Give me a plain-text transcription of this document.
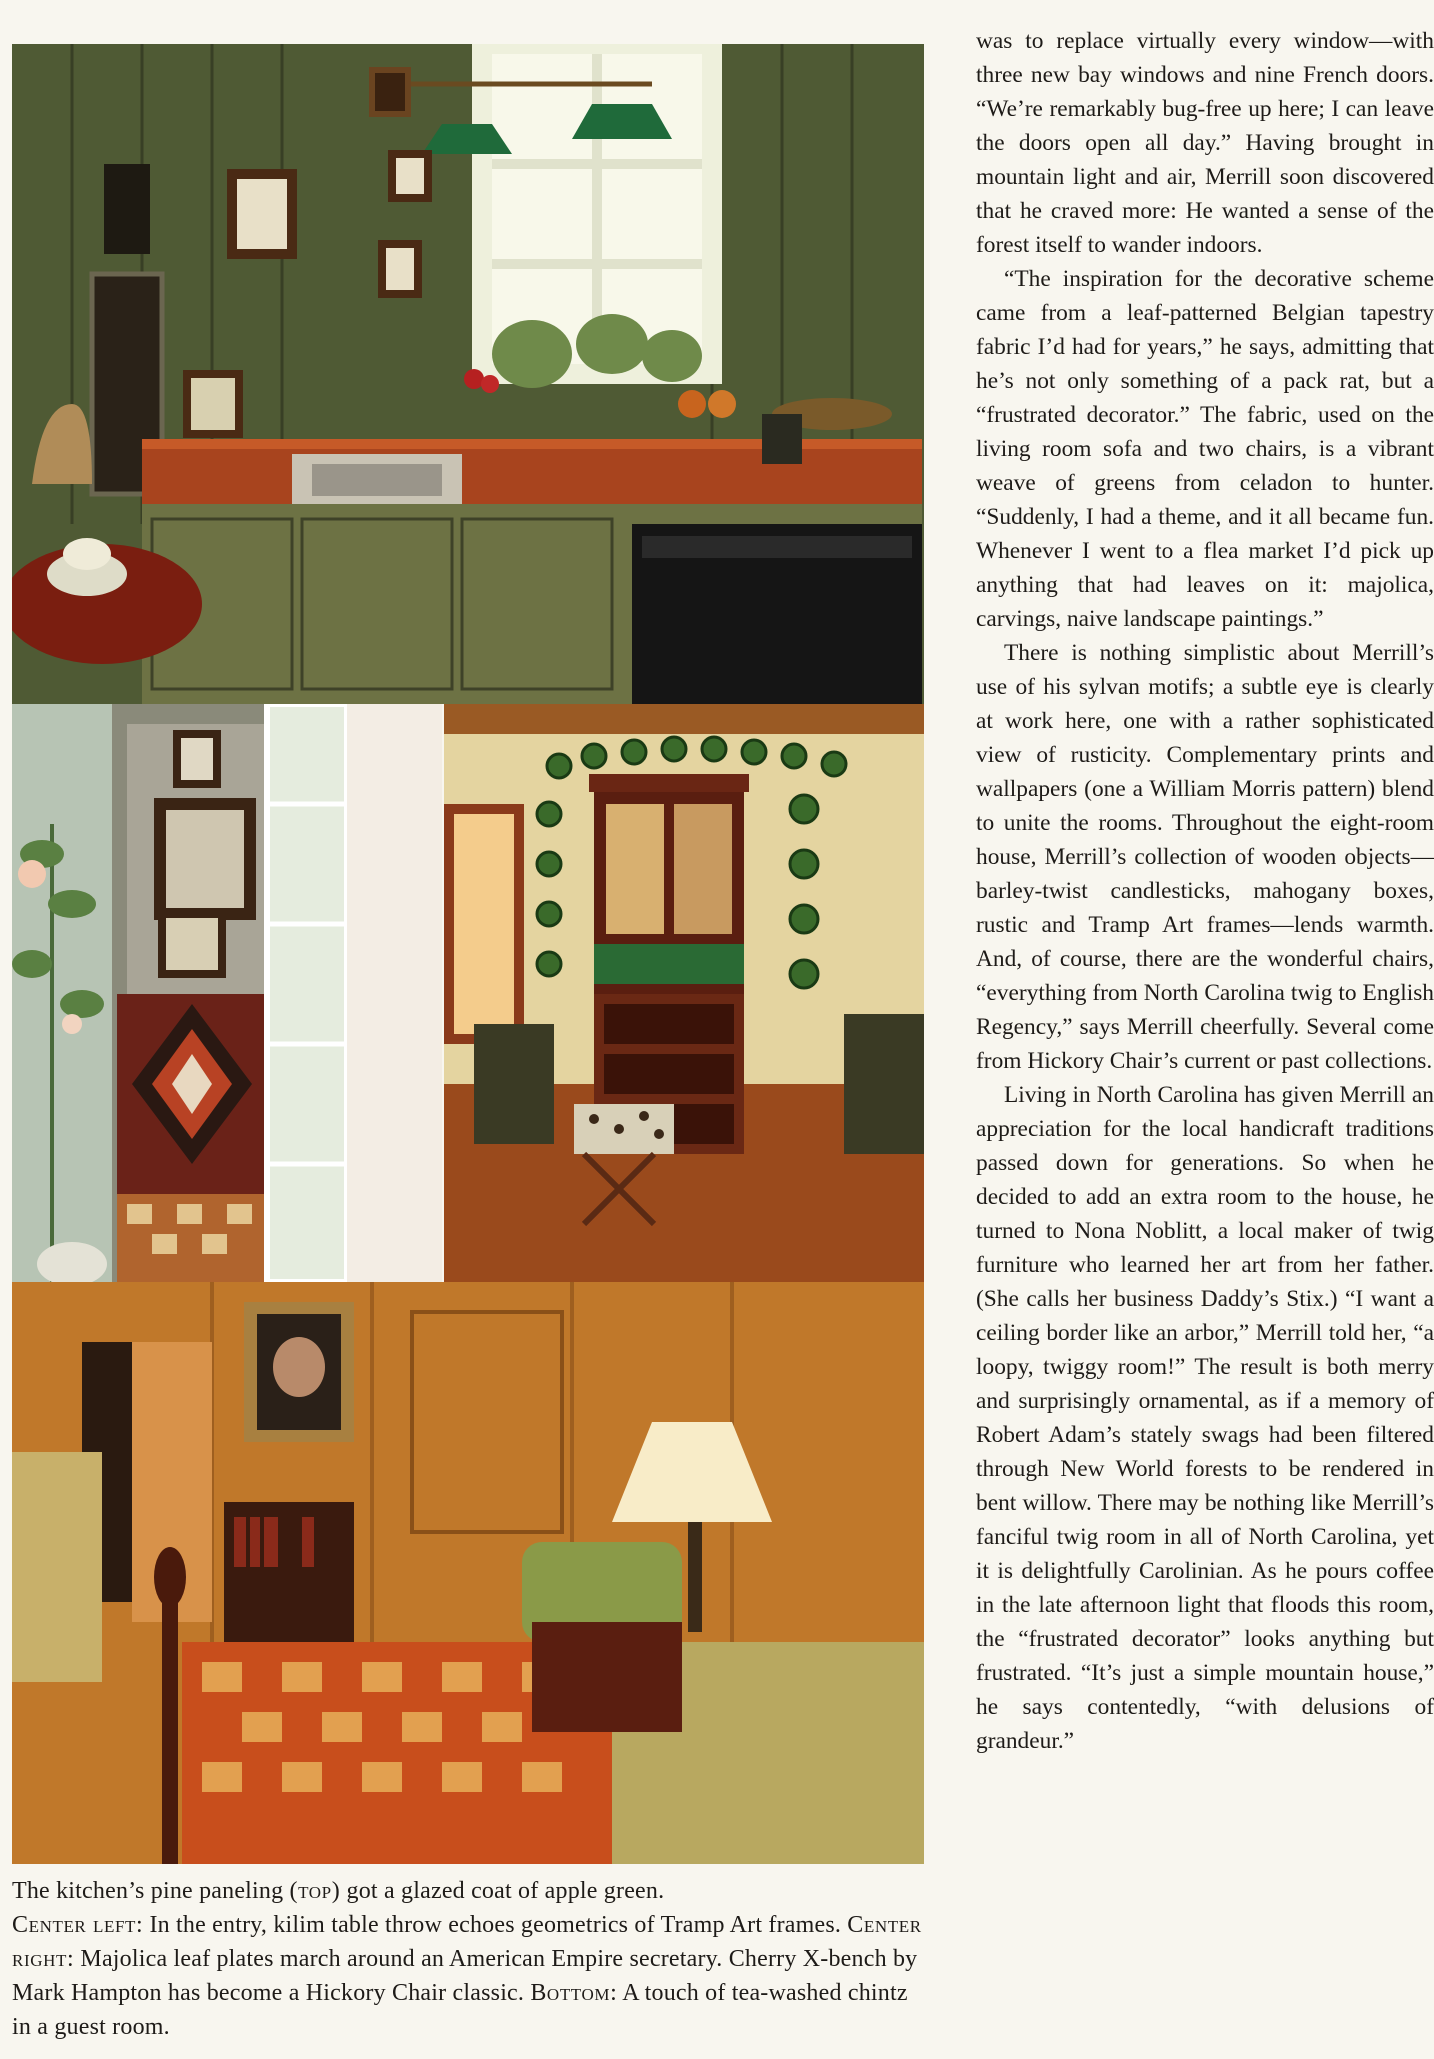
The kitchen’s pine paneling (top) got a glazed coat of apple green.

Center left: In the entry, kilim table throw echoes geometrics of Tramp Art frames. Center right: Majolica leaf plates march around an American Empire secretary. Cherry X-bench by Mark Hampton has become a Hickory Chair classic. Bottom: A touch of tea-washed chintz in a guest room.

was to replace virtually every window—with three new bay windows and nine French doors. “We’re remarkably bug-free up here; I can leave the doors open all day.” Having brought in mountain light and air, Merrill soon discovered that he craved more: He wanted a sense of the forest itself to wander indoors.

“The inspiration for the decorative scheme came from a leaf-patterned Belgian tapestry fabric I’d had for years,” he says, admitting that he’s not only something of a pack rat, but a “frustrated decorator.” The fabric, used on the living room sofa and two chairs, is a vibrant weave of greens from celadon to hunter. “Suddenly, I had a theme, and it all became fun. Whenever I went to a flea market I’d pick up anything that had leaves on it: majolica, carvings, naive landscape paintings.”

There is nothing simplistic about Merrill’s use of his sylvan motifs; a subtle eye is clearly at work here, one with a rather sophisticated view of rusticity. Complementary prints and wallpapers (one a William Morris pattern) blend to unite the rooms. Throughout the eight-room house, Merrill’s collection of wooden objects—barley-twist candlesticks, mahogany boxes, rustic and Tramp Art frames—lends warmth. And, of course, there are the wonderful chairs, “everything from North Carolina twig to English Regency,” says Merrill cheerfully. Several come from Hickory Chair’s current or past collections.

Living in North Carolina has given Merrill an appreciation for the local handicraft traditions passed down for generations. So when he decided to add an extra room to the house, he turned to Nona Noblitt, a local maker of twig furniture who learned her art from her father. (She calls her business Daddy’s Stix.) “I want a ceiling border like an arbor,” Merrill told her, “a loopy, twiggy room!” The result is both merry and surprisingly ornamental, as if a memory of Robert Adam’s stately swags had been filtered through New World forests to be rendered in bent willow. There may be nothing like Merrill’s fanciful twig room in all of North Carolina, yet it is delightfully Carolinian. As he pours coffee in the late afternoon light that floods this room, the “frustrated decorator” looks anything but frustrated. “It’s just a simple mountain house,” he says contentedly, “with delusions of grandeur.”
